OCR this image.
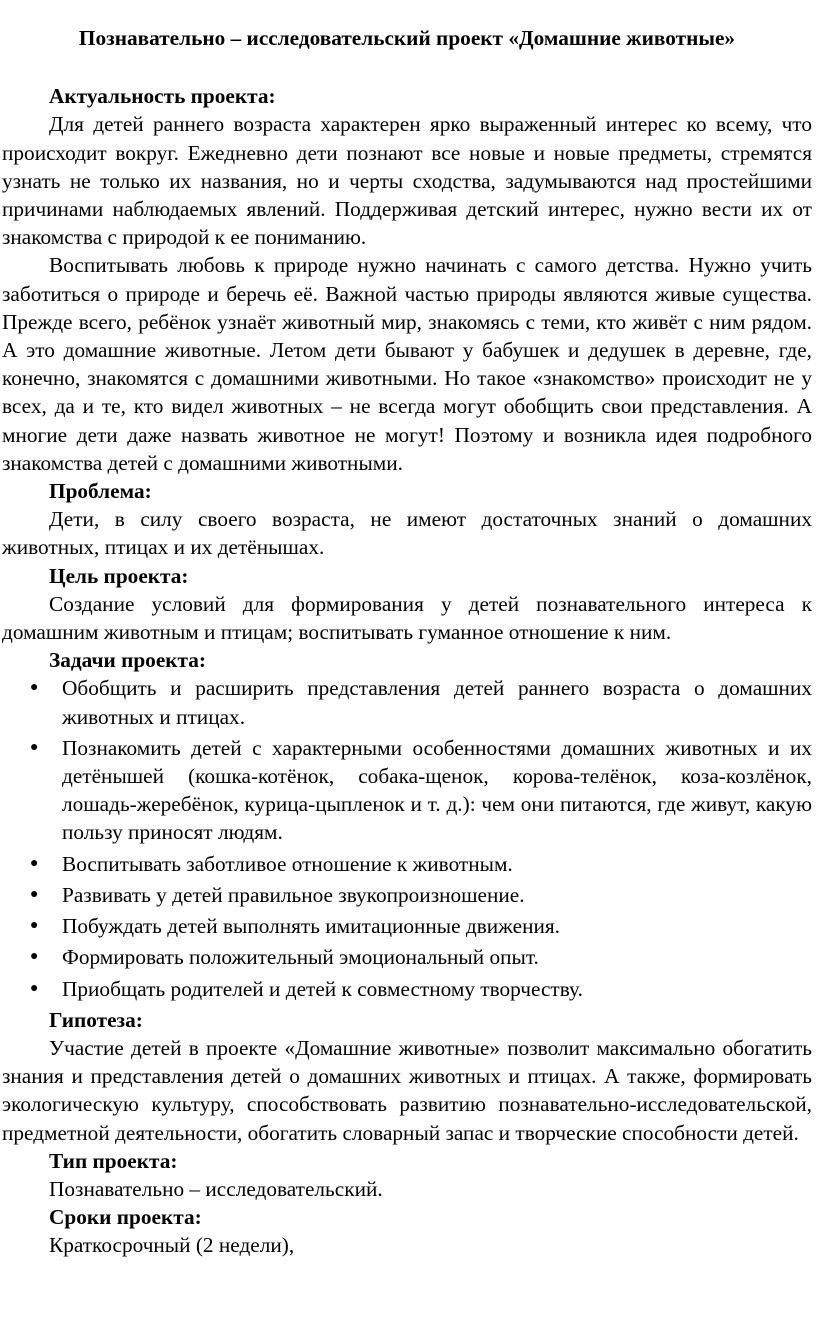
Познавательно – исследовательский проект «Домашние животные»

Актуальность проекта:

Для детей раннего возраста характерен ярко выраженный интерес ко всему, что происходит вокруг. Ежедневно дети познают все новые и новые предметы, стремятся узнать не только их названия, но и черты сходства, задумываются над простейшими причинами наблюдаемых явлений. Поддерживая детский интерес, нужно вести их от знакомства с природой к ее пониманию.

Воспитывать любовь к природе нужно начинать с самого детства. Нужно учить заботиться о природе и беречь её. Важной частью природы являются живые существа. Прежде всего, ребёнок узнаёт животный мир, знакомясь с теми, кто живёт с ним рядом. А это домашние животные. Летом дети бывают у бабушек и дедушек в деревне, где, конечно, знакомятся с домашними животными. Но такое «знакомство» происходит не у всех, да и те, кто видел животных – не всегда могут обобщить свои представления. А многие дети даже назвать животное не могут! Поэтому и возникла идея подробного знакомства детей с домашними животными.

Проблема:

Дети, в силу своего возраста, не имеют достаточных знаний о домашних животных, птицах и их детёнышах.

Цель проекта:

Создание условий для формирования у детей познавательного интереса к домашним животным и птицам; воспитывать гуманное отношение к ним.

Задачи проекта:

● Обобщить и расширить представления детей раннего возраста о домашних животных и птицах.
● Познакомить детей с характерными особенностями домашних животных и их детёнышей (кошка-котёнок, собака-щенок, корова-телёнок, коза-козлёнок, лошадь-жеребёнок, курица-цыпленок и т. д.): чем они питаются, где живут, какую пользу приносят людям.
● Воспитывать заботливое отношение к животным.
● Развивать у детей правильное звукопроизношение.
● Побуждать детей выполнять имитационные движения.
● Формировать положительный эмоциональный опыт.
● Приобщать родителей и детей к совместному творчеству.

Гипотеза:

Участие детей в проекте «Домашние животные» позволит максимально обогатить знания и представления детей о домашних животных и птицах. А также, формировать экологическую культуру, способствовать развитию познавательно-исследовательской, предметной деятельности, обогатить словарный запас и творческие способности детей.

Тип проекта:

Познавательно – исследовательский.

Сроки проекта:

Краткосрочный (2 недели),
